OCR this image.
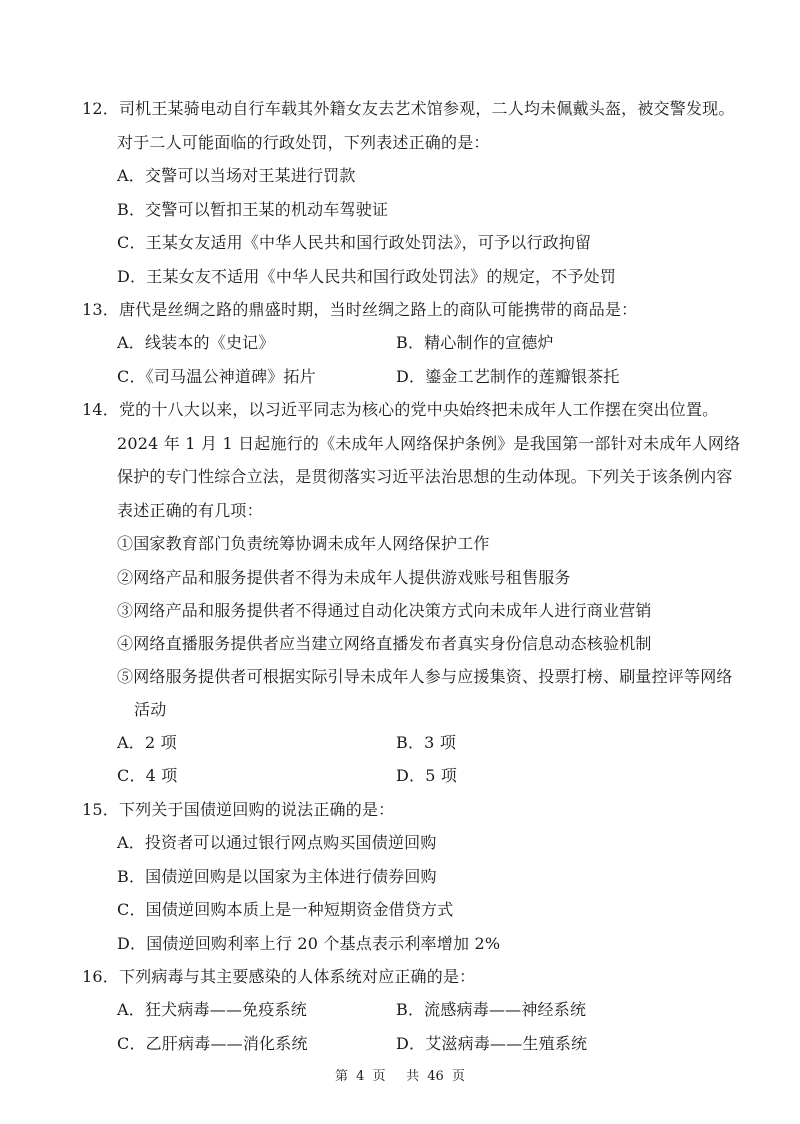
12．司机王某骑电动自行车载其外籍女友去艺术馆参观，二人均未佩戴头盔，被交警发现。
对于二人可能面临的行政处罚，下列表述正确的是：
A．交警可以当场对王某进行罚款
B．交警可以暂扣王某的机动车驾驶证
C．王某女友适用《中华人民共和国行政处罚法》，可予以行政拘留
D．王某女友不适用《中华人民共和国行政处罚法》的规定，不予处罚
13．唐代是丝绸之路的鼎盛时期，当时丝绸之路上的商队可能携带的商品是：
A．线装本的《史记》	B．精心制作的宣德炉
C．《司马温公神道碑》拓片	D．鎏金工艺制作的莲瓣银茶托
14．党的十八大以来，以习近平同志为核心的党中央始终把未成年人工作摆在突出位置。
2024 年 1 月 1 日起施行的《未成年人网络保护条例》是我国第一部针对未成年人网络
保护的专门性综合立法，是贯彻落实习近平法治思想的生动体现。下列关于该条例内容
表述正确的有几项：
①国家教育部门负责统筹协调未成年人网络保护工作
②网络产品和服务提供者不得为未成年人提供游戏账号租售服务
③网络产品和服务提供者不得通过自动化决策方式向未成年人进行商业营销
④网络直播服务提供者应当建立网络直播发布者真实身份信息动态核验机制
⑤网络服务提供者可根据实际引导未成年人参与应援集资、投票打榜、刷量控评等网络
活动
A．2 项	B．3 项
C．4 项	D．5 项
15．下列关于国债逆回购的说法正确的是：
A．投资者可以通过银行网点购买国债逆回购
B．国债逆回购是以国家为主体进行债券回购
C．国债逆回购本质上是一种短期资金借贷方式
D．国债逆回购利率上行 20 个基点表示利率增加 2%
16．下列病毒与其主要感染的人体系统对应正确的是：
A．狂犬病毒——免疫系统	B．流感病毒——神经系统
C．乙肝病毒——消化系统	D．艾滋病毒——生殖系统
第 4 页 共 46 页
